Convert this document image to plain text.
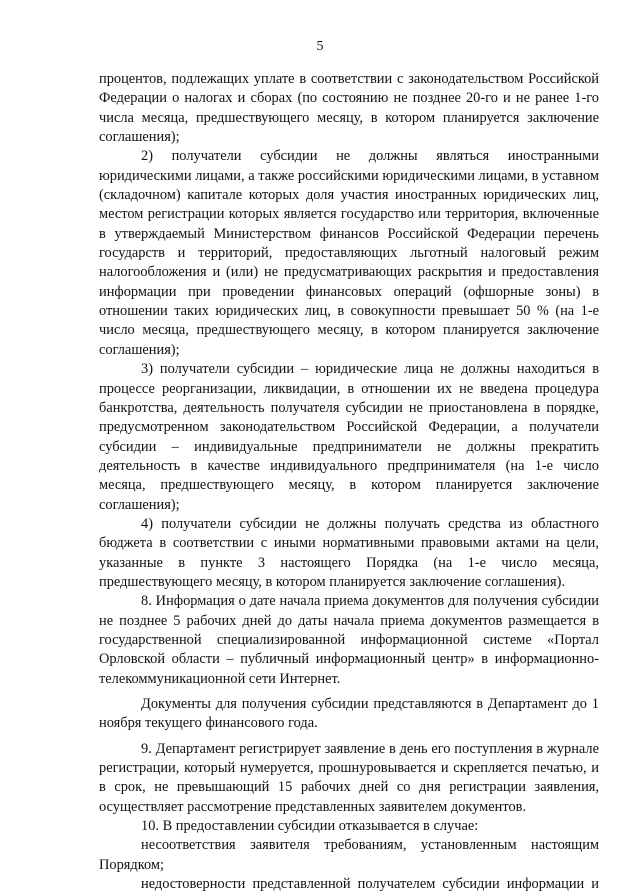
5

процентов, подлежащих уплате в соответствии с законодательством Российской Федерации о налогах и сборах (по состоянию не позднее 20-го и не ранее 1-го числа месяца, предшествующего месяцу, в котором планируется заключение соглашения);

2) получатели субсидии не должны являться иностранными юридическими лицами, а также российскими юридическими лицами, в уставном (складочном) капитале которых доля участия иностранных юридических лиц, местом регистрации которых является государство или территория, включенные в утверждаемый Министерством финансов Российской Федерации перечень государств и территорий, предоставляющих льготный налоговый режим налогообложения и (или) не предусматривающих раскрытия и предоставления информации при проведении финансовых операций (офшорные зоны) в отношении таких юридических лиц, в совокупности превышает 50 % (на 1-е число месяца, предшествующего месяцу, в котором планируется заключение соглашения);

3) получатели субсидии – юридические лица не должны находиться в процессе реорганизации, ликвидации, в отношении их не введена процедура банкротства, деятельность получателя субсидии не приостановлена в порядке, предусмотренном законодательством Российской Федерации, а получатели субсидии – индивидуальные предприниматели не должны прекратить деятельность в качестве индивидуального предпринимателя (на 1-е число месяца, предшествующего месяцу, в котором планируется заключение соглашения);

4) получатели субсидии не должны получать средства из областного бюджета в соответствии с иными нормативными правовыми актами на цели, указанные в пункте 3 настоящего Порядка (на 1-е число месяца, предшествующего месяцу, в котором планируется заключение соглашения).

8. Информация о дате начала приема документов для получения субсидии не позднее 5 рабочих дней до даты начала приема документов размещается в государственной специализированной информационной системе «Портал Орловской области – публичный информационный центр» в информационно-телекоммуникационной сети Интернет.

Документы для получения субсидии представляются в Департамент до 1 ноября текущего финансового года.

9. Департамент регистрирует заявление в день его поступления в журнале регистрации, который нумеруется, прошнуровывается и скрепляется печатью, и в срок, не превышающий 15 рабочих дней со дня регистрации заявления, осуществляет рассмотрение представленных заявителем документов.

10. В предоставлении субсидии отказывается в случае:

несоответствия заявителя требованиям, установленным настоящим Порядком;

недостоверности представленной получателем субсидии информации и
